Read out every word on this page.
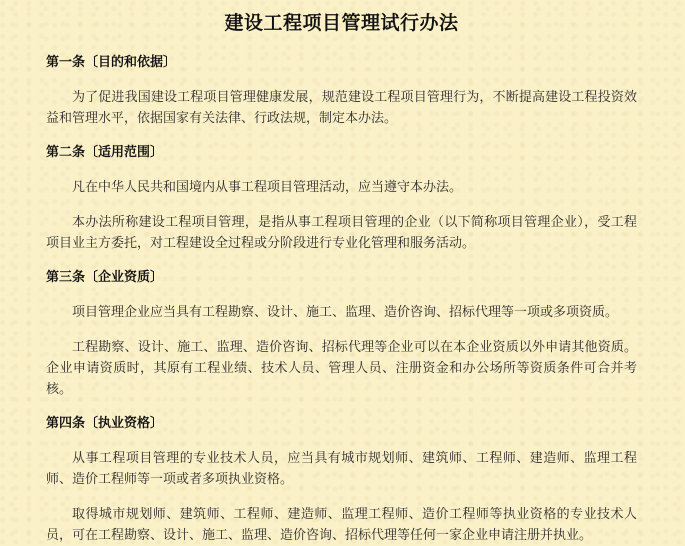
建设工程项目管理试行办法
第一条〔目的和依据〕

为了促进我国建设工程项目管理健康发展，规范建设工程项目管理行为，不断提高建设工程投资效益和管理水平，依据国家有关法律、行政法规，制定本办法。

第二条〔适用范围〕

凡在中华人民共和国境内从事工程项目管理活动，应当遵守本办法。

本办法所称建设工程项目管理，是指从事工程项目管理的企业（以下简称项目管理企业），受工程项目业主方委托，对工程建设全过程或分阶段进行专业化管理和服务活动。

第三条〔企业资质〕

项目管理企业应当具有工程勘察、设计、施工、监理、造价咨询、招标代理等一项或多项资质。

工程勘察、设计、施工、监理、造价咨询、招标代理等企业可以在本企业资质以外申请其他资质。企业申请资质时，其原有工程业绩、技术人员、管理人员、注册资金和办公场所等资质条件可合并考核。

第四条〔执业资格〕

从事工程项目管理的专业技术人员，应当具有城市规划师、建筑师、工程师、建造师、监理工程师、造价工程师等一项或者多项执业资格。

取得城市规划师、建筑师、工程师、建造师、监理工程师、造价工程师等执业资格的专业技术人员，可在工程勘察、设计、施工、监理、造价咨询、招标代理等任何一家企业申请注册并执业。
